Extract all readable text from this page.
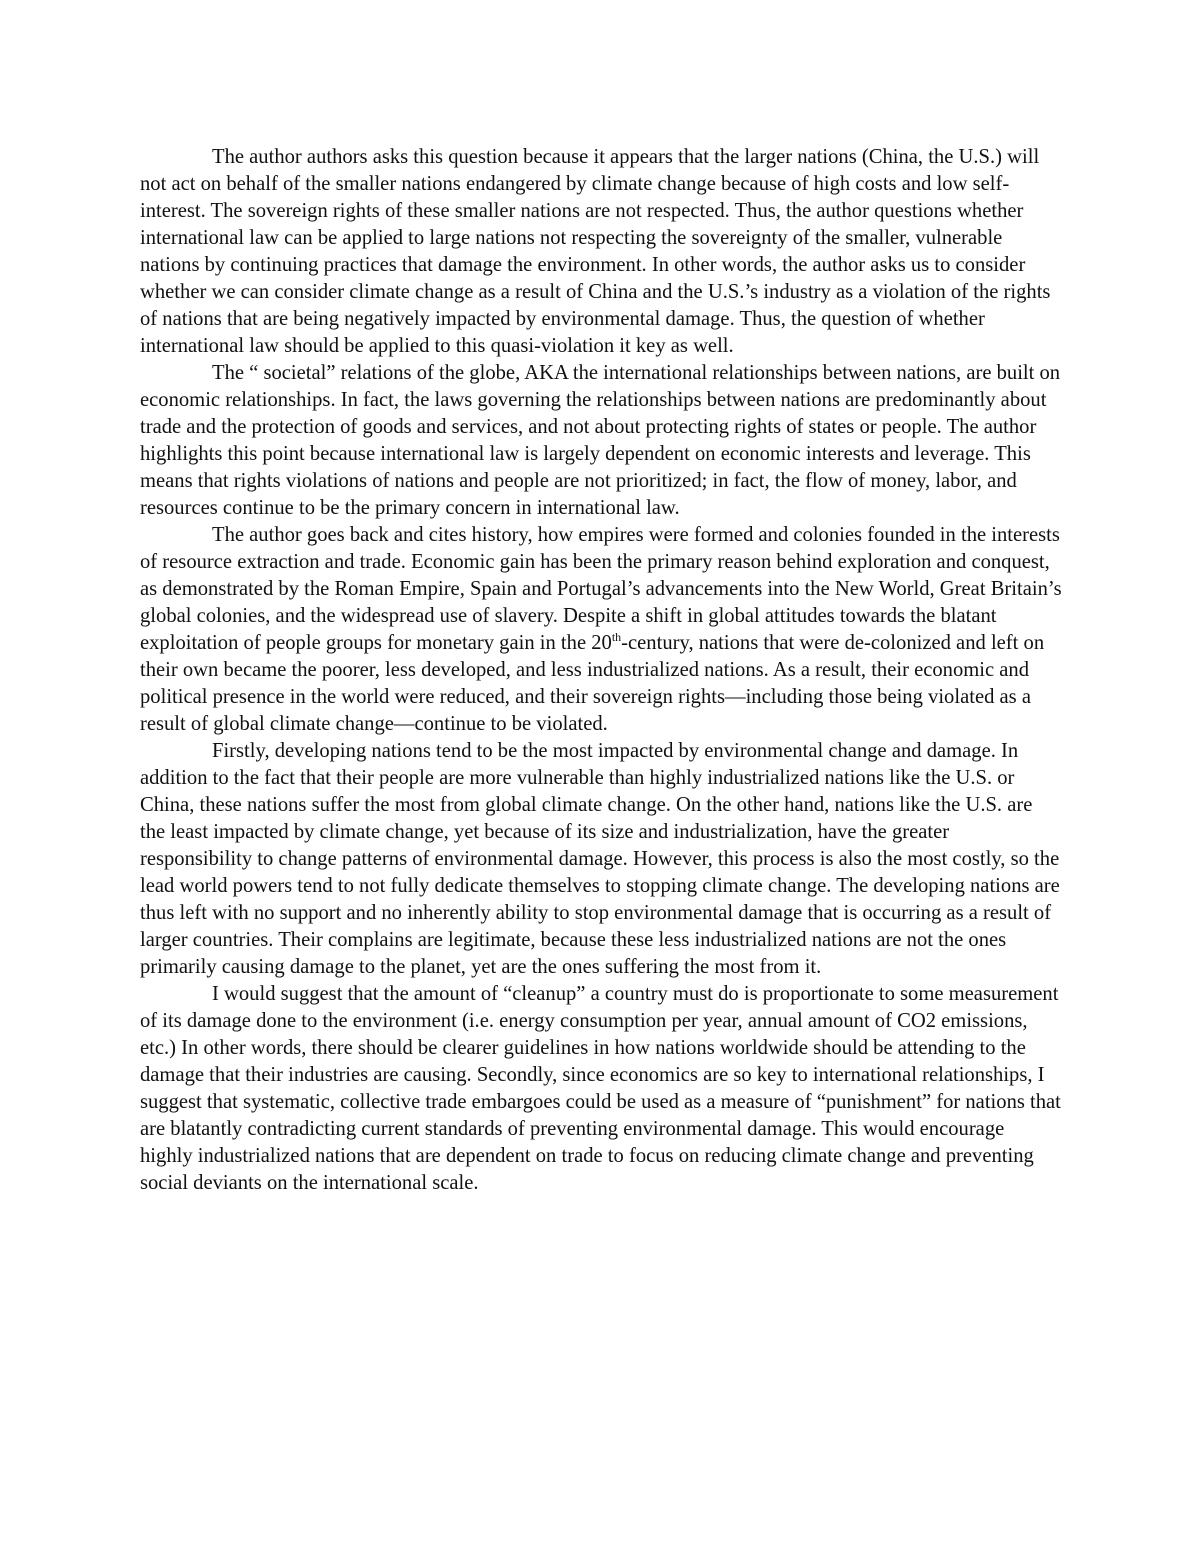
The author authors asks this question because it appears that the larger nations (China, the U.S.) will not act on behalf of the smaller nations endangered by climate change because of high costs and low self-interest. The sovereign rights of these smaller nations are not respected. Thus, the author questions whether international law can be applied to large nations not respecting the sovereignty of the smaller, vulnerable nations by continuing practices that damage the environment. In other words, the author asks us to consider whether we can consider climate change as a result of China and the U.S.’s industry as a violation of the rights of nations that are being negatively impacted by environmental damage. Thus, the question of whether international law should be applied to this quasi-violation it key as well.

The “ societal” relations of the globe, AKA the international relationships between nations, are built on economic relationships. In fact, the laws governing the relationships between nations are predominantly about trade and the protection of goods and services, and not about protecting rights of states or people. The author highlights this point because international law is largely dependent on economic interests and leverage. This means that rights violations of nations and people are not prioritized; in fact, the flow of money, labor, and resources continue to be the primary concern in international law.

The author goes back and cites history, how empires were formed and colonies founded in the interests of resource extraction and trade. Economic gain has been the primary reason behind exploration and conquest, as demonstrated by the Roman Empire, Spain and Portugal’s advancements into the New World, Great Britain’s global colonies, and the widespread use of slavery. Despite a shift in global attitudes towards the blatant exploitation of people groups for monetary gain in the 20th-century, nations that were de-colonized and left on their own became the poorer, less developed, and less industrialized nations. As a result, their economic and political presence in the world were reduced, and their sovereign rights—including those being violated as a result of global climate change—continue to be violated.

Firstly, developing nations tend to be the most impacted by environmental change and damage. In addition to the fact that their people are more vulnerable than highly industrialized nations like the U.S. or China, these nations suffer the most from global climate change. On the other hand, nations like the U.S. are the least impacted by climate change, yet because of its size and industrialization, have the greater responsibility to change patterns of environmental damage. However, this process is also the most costly, so the lead world powers tend to not fully dedicate themselves to stopping climate change. The developing nations are thus left with no support and no inherently ability to stop environmental damage that is occurring as a result of larger countries. Their complains are legitimate, because these less industrialized nations are not the ones primarily causing damage to the planet, yet are the ones suffering the most from it.

I would suggest that the amount of “cleanup” a country must do is proportionate to some measurement of its damage done to the environment (i.e. energy consumption per year, annual amount of CO2 emissions, etc.) In other words, there should be clearer guidelines in how nations worldwide should be attending to the damage that their industries are causing. Secondly, since economics are so key to international relationships, I suggest that systematic, collective trade embargoes could be used as a measure of “punishment” for nations that are blatantly contradicting current standards of preventing environmental damage. This would encourage highly industrialized nations that are dependent on trade to focus on reducing climate change and preventing social deviants on the international scale.
